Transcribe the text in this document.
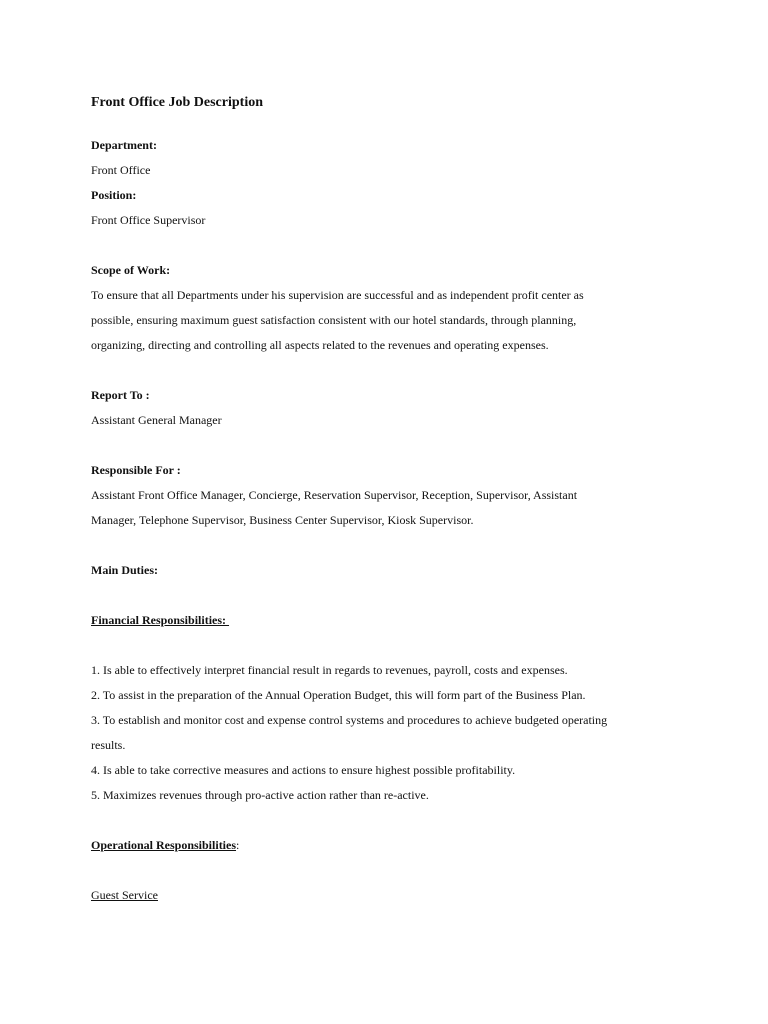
Front Office Job Description

Department:

Front Office

Position:

Front Office Supervisor

Scope of Work:

To ensure that all Departments under his supervision are successful and as independent profit center as

possible, ensuring maximum guest satisfaction consistent with our hotel standards, through planning,

organizing, directing and controlling all aspects related to the revenues and operating expenses.

Report To :

Assistant General Manager

Responsible For :

Assistant Front Office Manager, Concierge, Reservation Supervisor, Reception, Supervisor, Assistant

Manager, Telephone Supervisor, Business Center Supervisor, Kiosk Supervisor.

Main Duties:

Financial Responsibilities:

1. Is able to effectively interpret financial result in regards to revenues, payroll, costs and expenses.

2. To assist in the preparation of the Annual Operation Budget, this will form part of the Business Plan.

3. To establish and monitor cost and expense control systems and procedures to achieve budgeted operating

results.

4. Is able to take corrective measures and actions to ensure highest possible profitability.

5. Maximizes revenues through pro-active action rather than re-active.

Operational Responsibilities:

Guest Service
